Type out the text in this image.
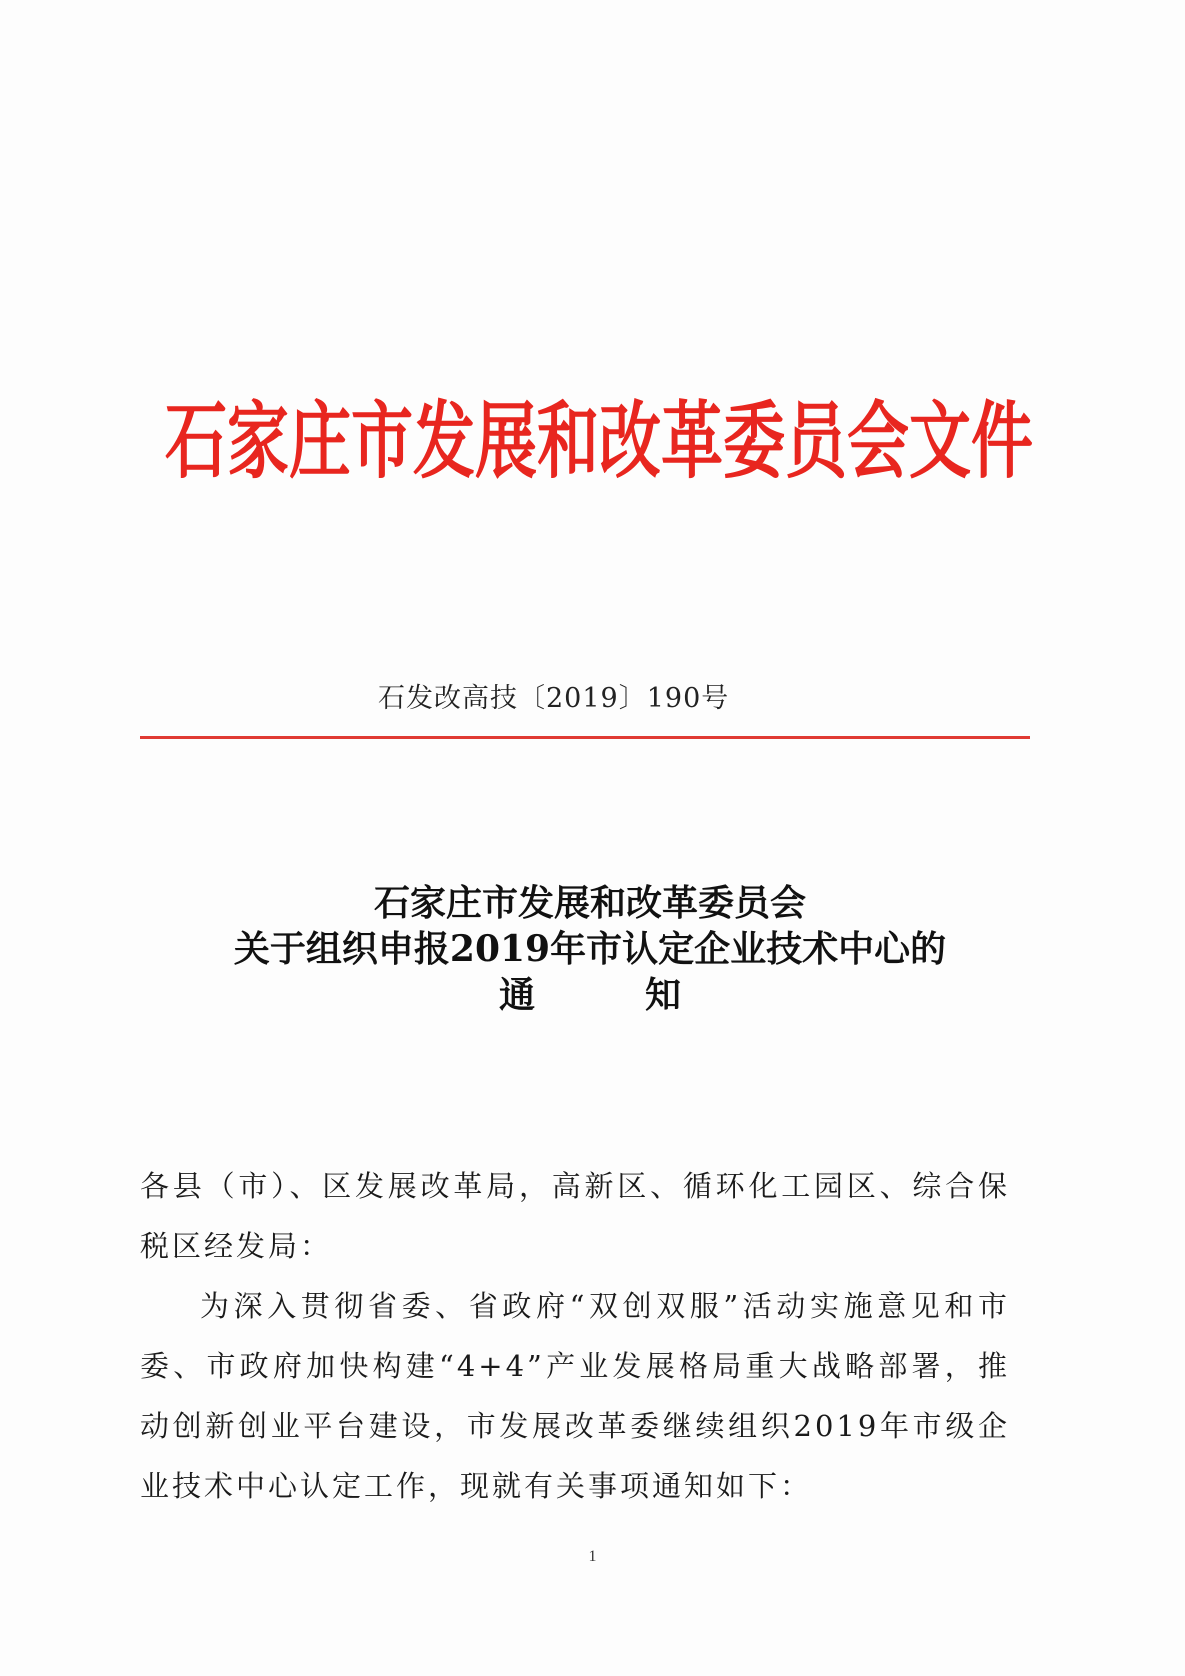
石家庄市发展和改革委员会文件
石发改高技〔2019〕190号
石家庄市发展和改革委员会
关于组织申报2019年市认定企业技术中心的
通知

各县（市）、区发展改革局，高新区、循环化工园区、综合保税区经发局：

为深入贯彻省委、省政府“双创双服”活动实施意见和市委、市政府加快构建“4+4”产业发展格局重大战略部署，推动创新创业平台建设，市发展改革委继续组织2019年市级企业技术中心认定工作，现就有关事项通知如下：

1
